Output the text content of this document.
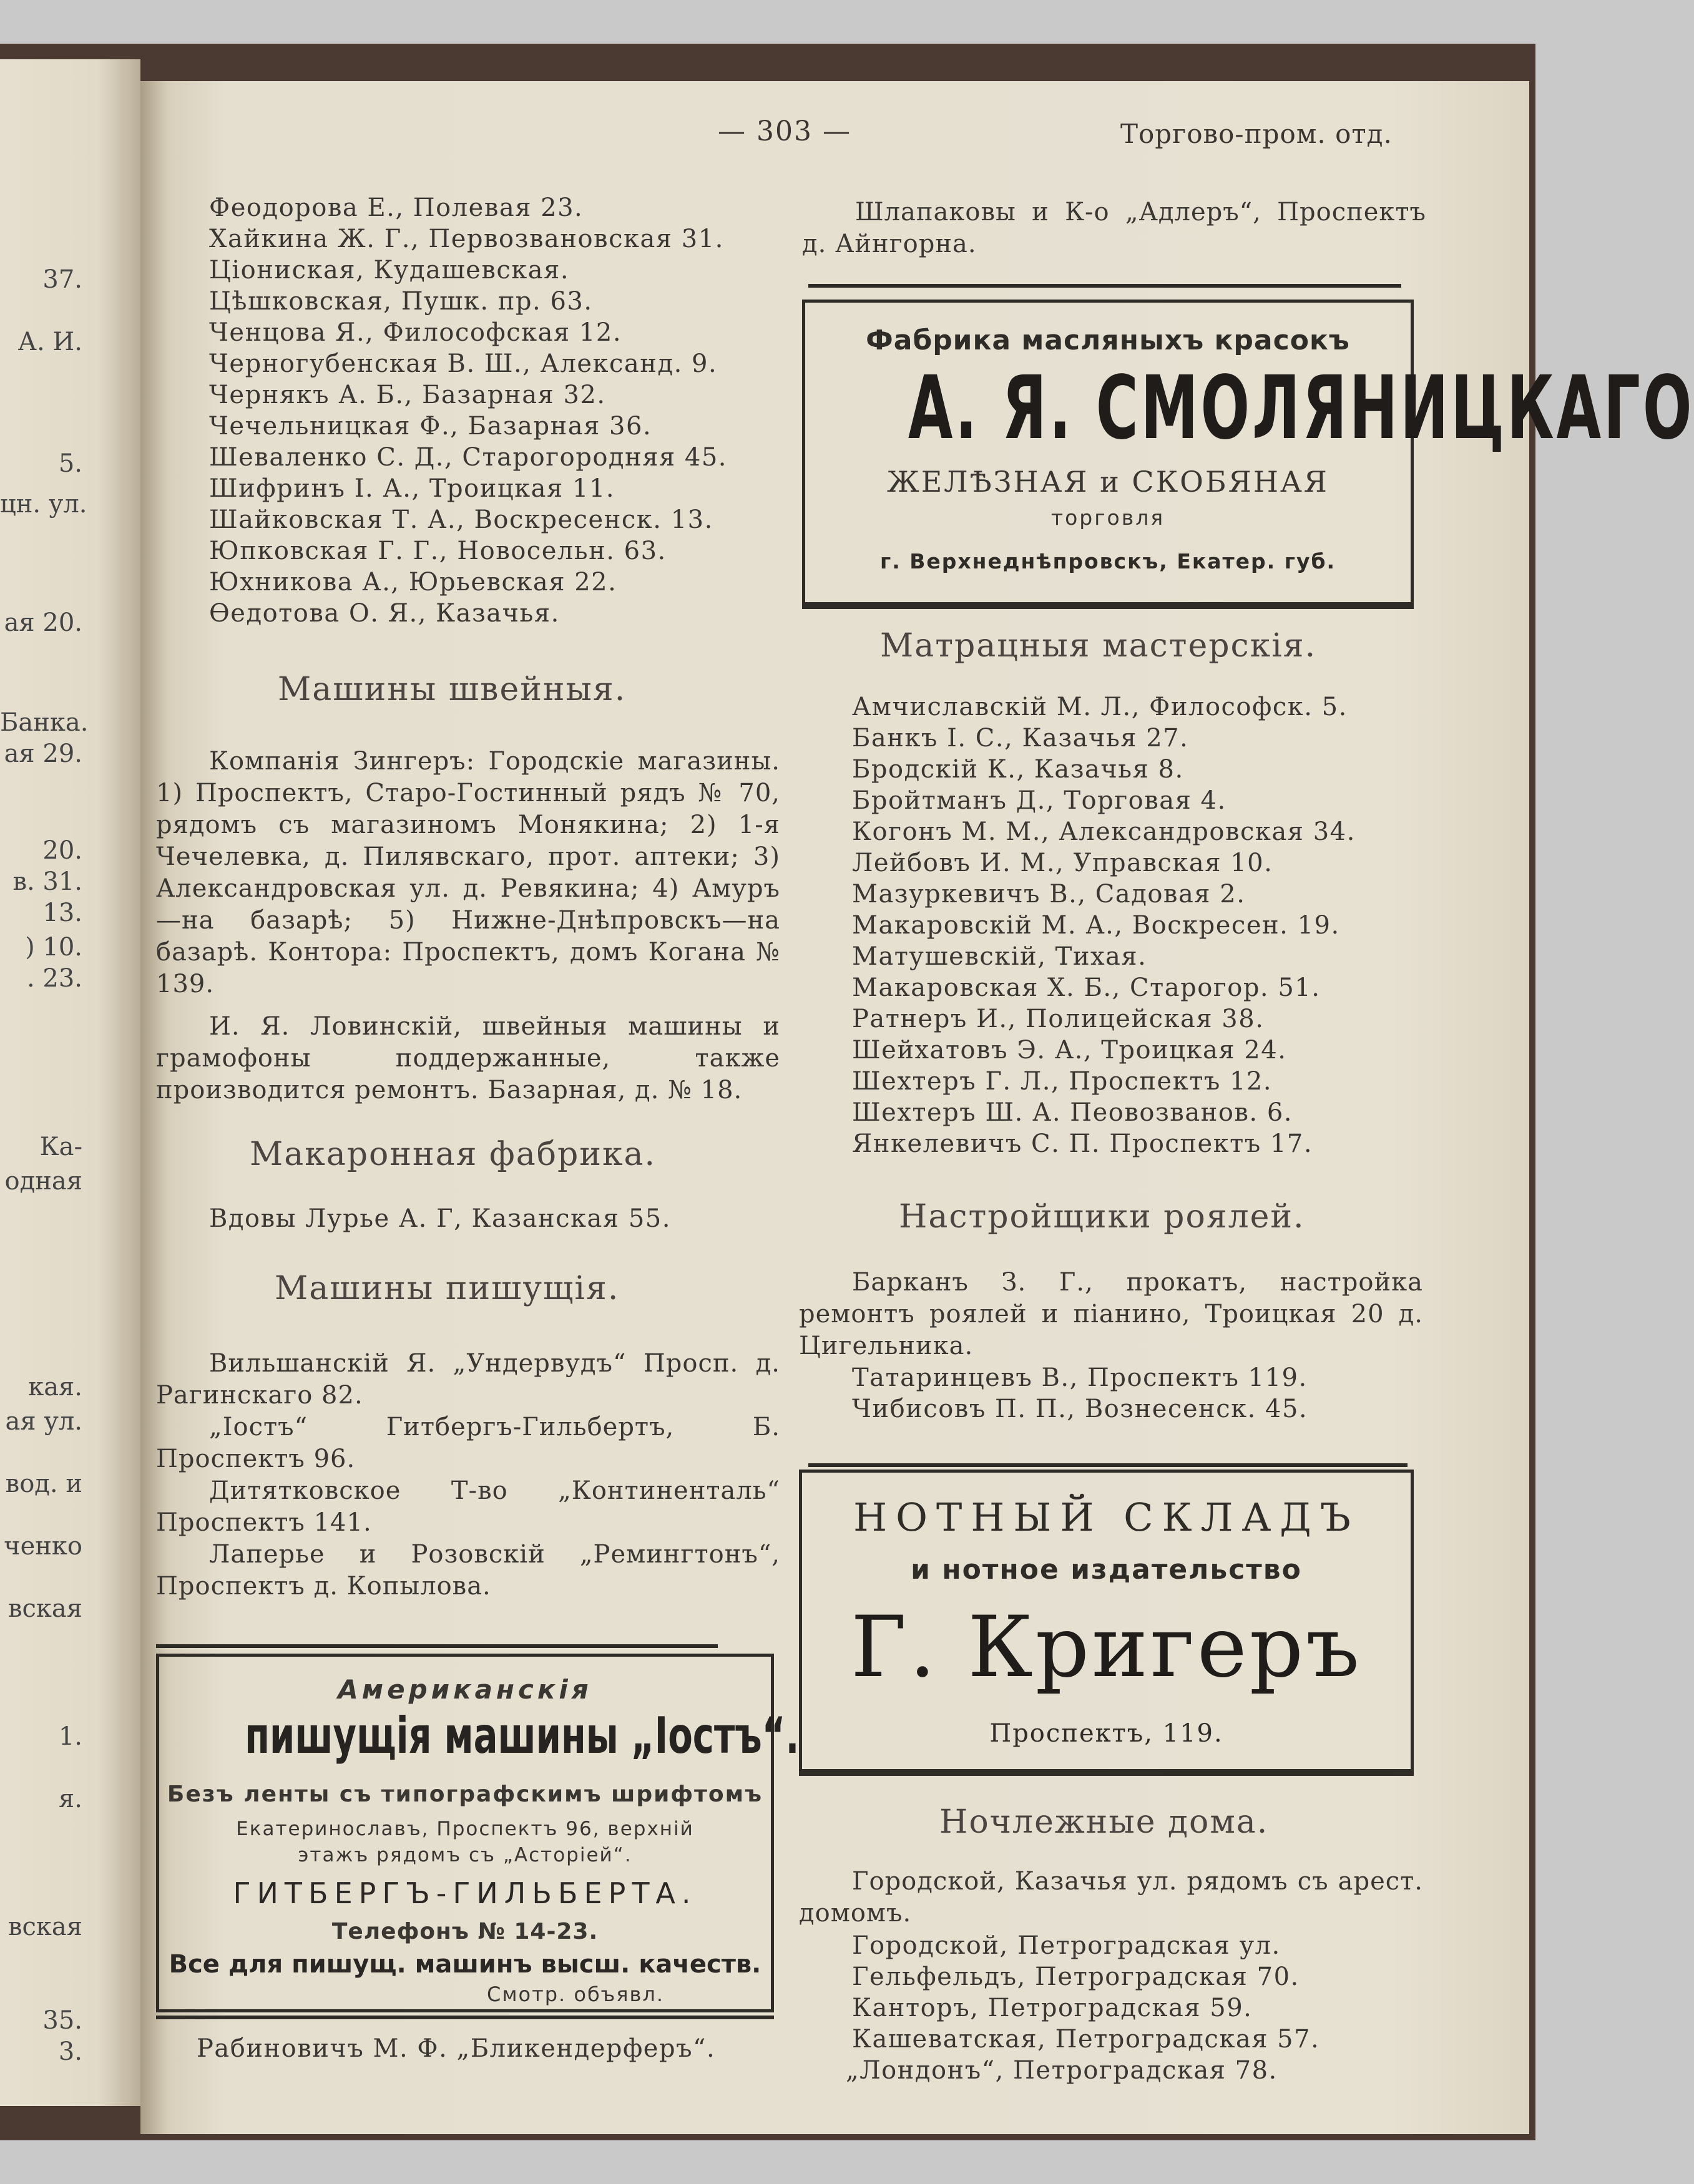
37.
А. И.
5.
цн. ул.
ая 20.
Банка.
ая 29.
20.
в. 31.
13.
) 10.
. 23.
Ка-
одная
кая.
ая ул.
вод. и
ченко
вская
1.
я.
вская
35.
3.
— 303 —	Торгово-пром. отд.
Феодорова Е., Полевая 23.
Хайкина Ж. Г., Первозвановская 31.
Ціониская, Кудашевская.
Цѣшковская, Пушк. пр. 63.
Ченцова Я., Философская 12.
Черногубенская В. Ш., Александ. 9.
Чернякъ А. Б., Базарная 32.
Чечельницкая Ф., Базарная 36.
Шеваленко С. Д., Старогородняя 45.
Шифринъ І. А., Троицкая 11.
Шайковская Т. А., Воскресенск. 13.
Юпковская Г. Г., Новосельн. 63.
Юхникова А., Юрьевская 22.
Ѳедотова О. Я., Казачья.
Машины швейныя.
Компанія Зингеръ: Городскіе магазины. 1) Проспектъ, Старо-Гостинный рядъ № 70, рядомъ съ магазиномъ Монякина; 2) 1-я Чечелевка, д. Пилявскаго, прот. аптеки; 3) Александровская ул. д. Ревякина; 4) Амуръ—на базарѣ; 5) Нижне-Днѣпровскъ—на базарѣ. Контора: Проспектъ, домъ Когана № 139.
И. Я. Ловинскій, швейныя машины и грамофоны поддержанные, также производится ремонтъ. Базарная, д. № 18.
Макаронная фабрика.
Вдовы Лурье А. Г, Казанская 55.
Машины пишущія.
Вильшанскій Я. „Ундервудъ“ Просп. д. Рагинскаго 82.
„Іостъ“ Гитбергъ-Гильбертъ, Б. Проспектъ 96.
Дитятковское Т-во „Континенталь“ Проспектъ 141.
Лаперье и Розовскій „Ремингтонъ“, Проспектъ д. Копылова.
Американскія
пишущія машины „Іостъ“.
Безъ ленты съ типографскимъ шрифтомъ
Екатеринославъ, Проспектъ 96, верхній
этажъ рядомъ съ „Асторіей“.
ГИТБЕРГЪ-ГИЛЬБЕРТА.
Телефонъ № 14-23.
Все для пишущ. машинъ высш. качеств.
Смотр. объявл.
Рабиновичъ М. Ф. „Бликендерферъ“.
Шлапаковы и К-о „Адлеръ“, Проспектъ д. Айнгорна.
Фабрика масляныхъ красокъ
А. Я. СМОЛЯНИЦКАГО
ЖЕЛѢЗНАЯ и СКОБЯНАЯ
торговля
г. Верхнеднѣпровскъ, Екатер. губ.
Матрацныя мастерскія.
Амчиславскій М. Л., Философск. 5.
Банкъ І. С., Казачья 27.
Бродскій К., Казачья 8.
Бройтманъ Д., Торговая 4.
Когонъ М. М., Александровская 34.
Лейбовъ И. М., Управская 10.
Мазуркевичъ В., Садовая 2.
Макаровскій М. А., Воскресен. 19.
Матушевскій, Тихая.
Макаровская Х. Б., Старогор. 51.
Ратнеръ И., Полицейская 38.
Шейхатовъ Э. А., Троицкая 24.
Шехтеръ Г. Л., Проспектъ 12.
Шехтеръ Ш. А. Пеовозванов. 6.
Янкелевичъ С. П. Проспектъ 17.
Настройщики роялей.
Барканъ З. Г., прокатъ, настройка ремонтъ роялей и піанино, Троицкая 20 д. Цигельника.
Татаринцевъ В., Проспектъ 119.
Чибисовъ П. П., Вознесенск. 45.
НОТНЫЙ СКЛАДЪ
и нотное издательство
Г. Кригеръ
Проспектъ, 119.
Ночлежные дома.
Городской, Казачья ул. рядомъ съ арест. домомъ.
Городской, Петроградская ул.
Гельфельдъ, Петроградская 70.
Канторъ, Петроградская 59.
Кашеватская, Петроградская 57.
„Лондонъ“, Петроградская 78.
